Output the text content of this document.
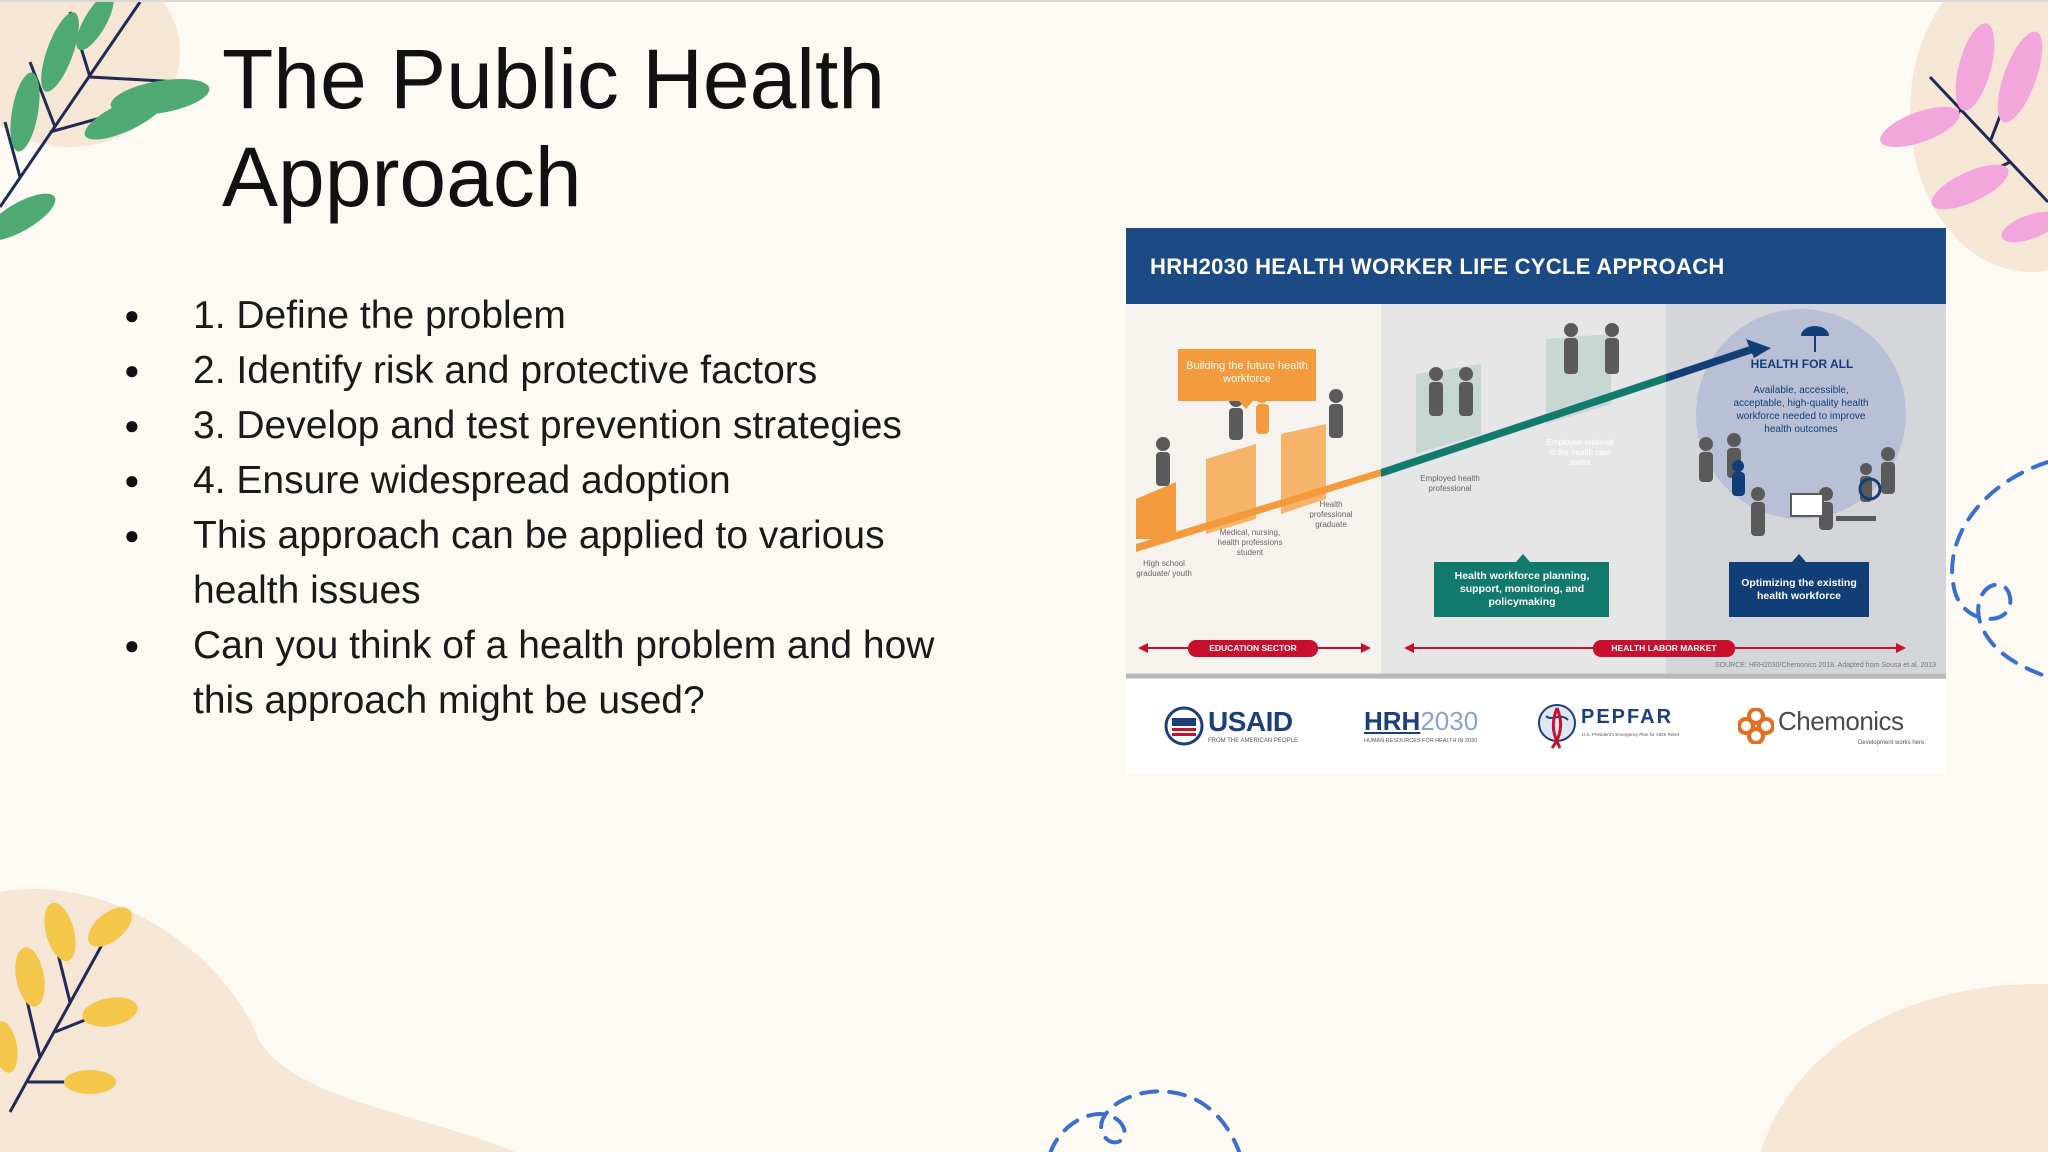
The Public Health Approach
● 1. Define the problem
● 2. Identify risk and protective factors
● 3. Develop and test prevention strategies
● 4. Ensure widespread adoption
● This approach can be applied to various health issues
● Can you think of a health problem and how this approach might be used?
HRH2030 HEALTH WORKER LIFE CYCLE APPROACH
Building the future health workforce
High school graduate/ youth
Medical, nursing, health professions student
Health professional graduate
Employed health professional
Employee retained in the health care sector
HEALTH FOR ALL
Available, accessible, acceptable, high-quality health workforce needed to improve health outcomes
Health workforce planning, support, monitoring, and policymaking
Optimizing the existing health workforce
EDUCATION SECTOR	HEALTH LABOR MARKET
SOURCE: HRH2030/Chemonics 2018. Adapted from Sousa et al. 2013
USAID
FROM THE AMERICAN PEOPLE
HRH2030
HUMAN RESOURCES FOR HEALTH IN 2030
PEPFAR
U.S. President's Emergency Plan for AIDS Relief	Chemonics
Development works here.
